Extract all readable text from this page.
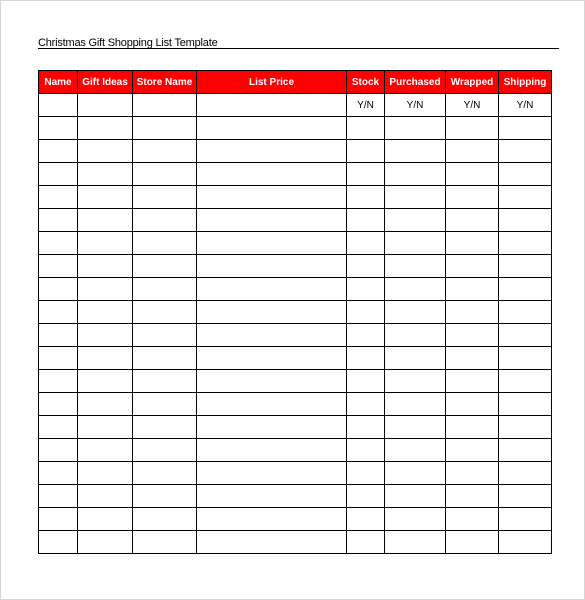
Christmas Gift Shopping List Template
Name	Gift Ideas	Store Name	List Price	Stock	Purchased	Wrapped	Shipping
				Y/N	Y/N	Y/N	Y/N
